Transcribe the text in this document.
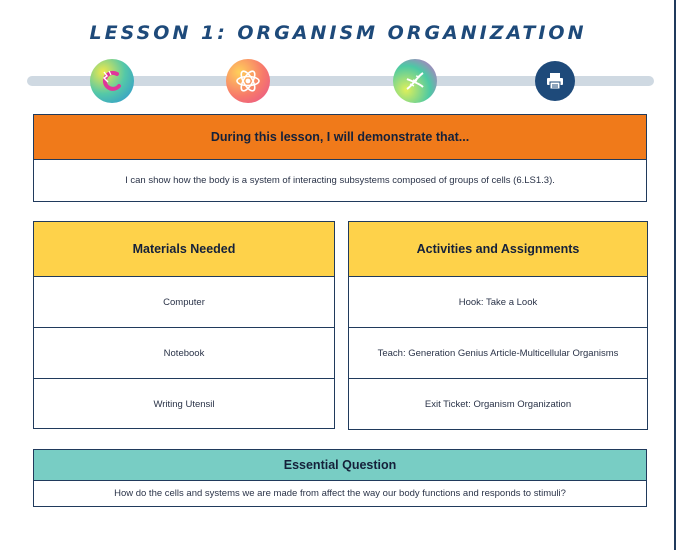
LESSON 1: ORGANISM ORGANIZATION
During this lesson, I will demonstrate that...
I can show how the body is a system of interacting subsystems composed of groups of cells (6.LS1.3).
Materials Needed
Computer
Notebook
Writing Utensil
Activities and Assignments
Hook: Take a Look
Teach: Generation Genius Article-Multicellular Organisms
Exit Ticket: Organism Organization
Essential Question
How do the cells and systems we are made from affect the way our body functions and responds to stimuli?
